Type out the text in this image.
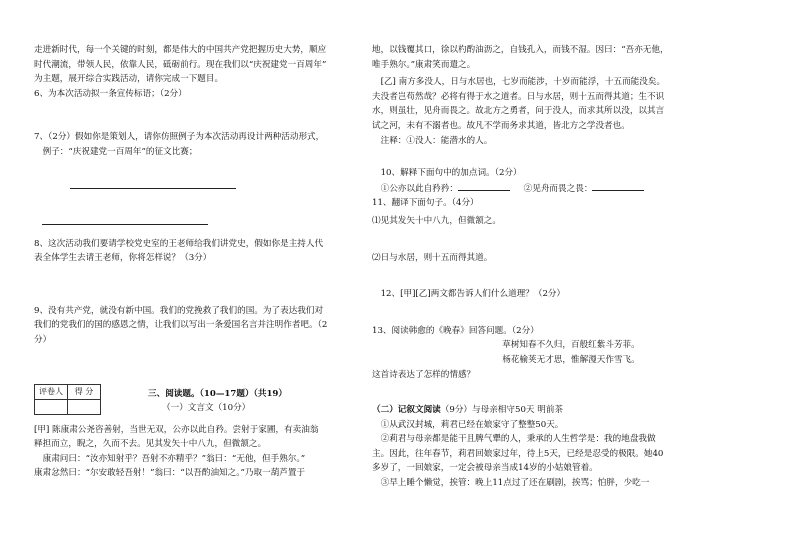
走进新时代，每一个关键的时刻，都是伟大的中国共产党把握历史大势，顺应

时代潮流，带领人民，依靠人民，砥砺前行。现在我们以“庆祝建党一百周年”

为主题，展开综合实践活动，请你完成一下题目。

6、为本次活动拟一条宣传标语；（2分）

7、（2分）假如你是策划人，请你仿照例子为本次活动再设计两种活动形式，

例子：“庆祝建党一百周年”的征文比赛；

8、这次活动我们要请学校党史室的王老师给我们讲党史，假如你是主持人代

表全体学生去请王老师，你将怎样说？（3分）

9、没有共产党，就没有新中国。我们的党挽救了我们的国。为了表达我们对

我们的党我们的国的感恩之情，让我们以写出一条爱国名言并注明作者吧。（2

分）

评卷人	得 分
		三、阅读题。（10—17题）（共19）

（一）文言文（10分）

[甲] 陈康肃公尧咨善射，当世无双，公亦以此自矜。尝射于家圃，有卖油翁

释担而立，睨之，久而不去。见其发矢十中八九，但微颔之。

康肃问曰：“汝亦知射乎？吾射不亦精乎？”翁曰：“无他，但手熟尔。”

康肃忿然曰：“尔安敢轻吾射！”翁曰：“以吾酌油知之。”乃取一葫芦置于

地，以钱覆其口，徐以杓酌油沥之，自钱孔入，而钱不湿。因曰：“吾亦无他，

唯手熟尔。”康肃笑而遣之。

[乙] 南方多没人，日与水居也，七岁而能涉，十岁而能浮，十五而能没矣。

夫没者岂苟然哉？必将有得于水之道者。日与水居，则十五而得其道；生不识

水，则虽壮，见舟而畏之。故北方之勇者，问于没人，而求其所以没，以其言

试之河，未有不溺者也。故凡不学而务求其道，皆北方之学没者也。

注释：①没人：能潜水的人。

10、解释下面句中的加点词。（2分）

①公亦以此自矜矜：	②见舟而畏之畏：

11、翻译下面句子。（4分）

⑴见其发矢十中八九，但微颔之。

⑵日与水居，则十五而得其道。

12、[甲][乙]两文都告诉人们什么道理？（2分）

13、阅读韩愈的《晚春》回答问题。（2分）

草树知春不久归，百般红紫斗芳菲。

杨花榆荚无才思，惟解漫天作雪飞。

这首诗表达了怎样的情感？

（二）记叙文阅读（9分）与母亲相守50天 明前茶

①从武汉封城，莉君已经在娘家守了整整50天。

②莉君与母亲都是能干且脾气犟的人，秉承的人生哲学是：我的地盘我做

主。因此，往年春节，莉君回娘家过年，待上5天，已经是忍受的极限。她40

多岁了，一回娘家，一定会被母亲当成14岁的小姑娘管着。

③早上睡个懒觉，挨管：晚上11点过了还在刷剧，挨骂；怕胖，少吃一
